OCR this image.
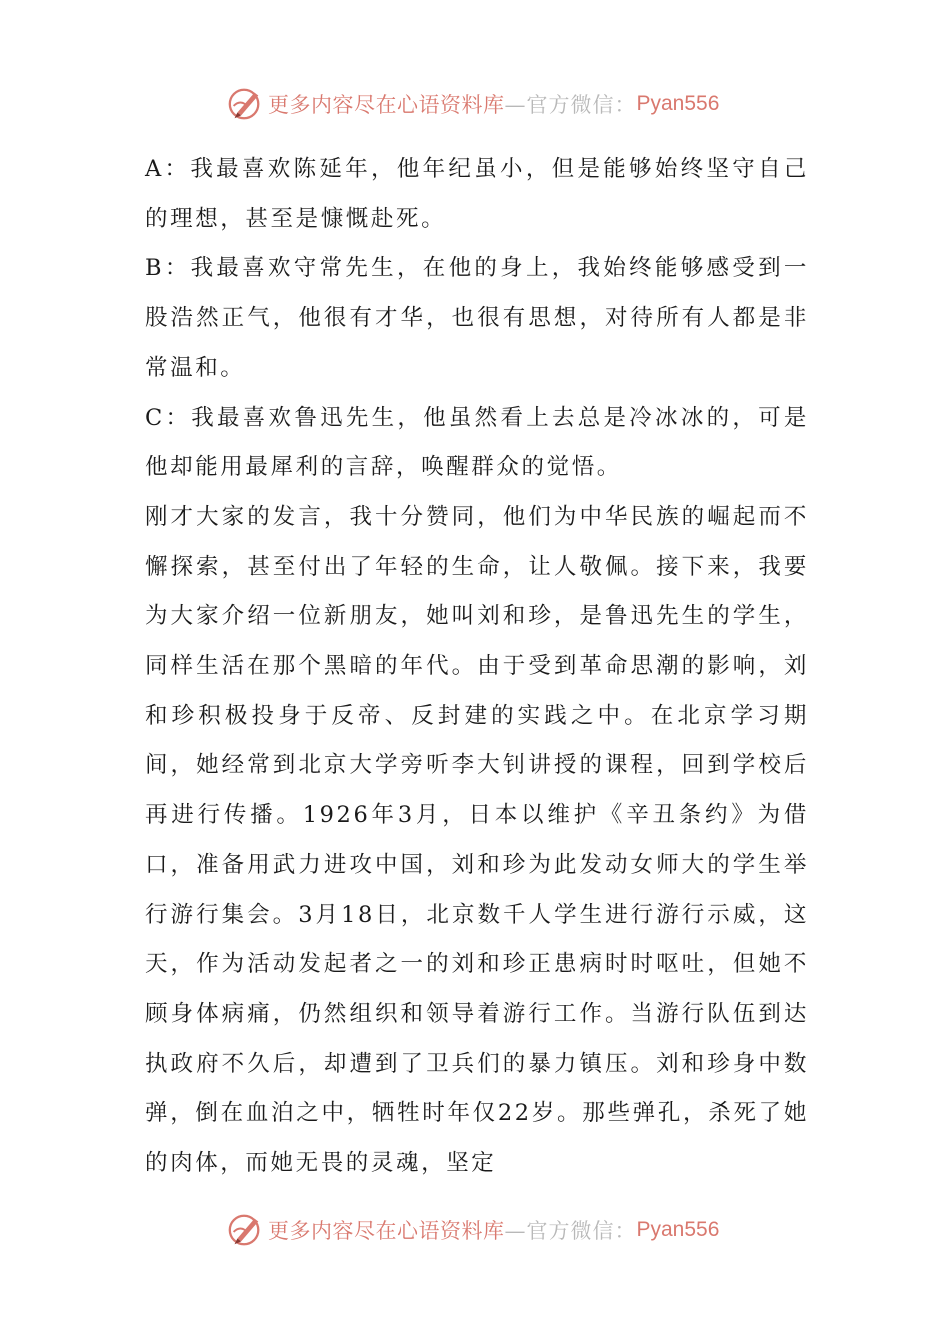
更多内容尽在心语资料库 —官方微信： Pyan556

A：我最喜欢陈延年，他年纪虽小，但是能够始终坚守自己的理想，甚至是慷慨赴死。

B：我最喜欢守常先生，在他的身上，我始终能够感受到一股浩然正气，他很有才华，也很有思想，对待所有人都是非常温和。

C：我最喜欢鲁迅先生，他虽然看上去总是冷冰冰的，可是他却能用最犀利的言辞，唤醒群众的觉悟。

刚才大家的发言，我十分赞同，他们为中华民族的崛起而不懈探索，甚至付出了年轻的生命，让人敬佩。接下来，我要为大家介绍一位新朋友，她叫刘和珍，是鲁迅先生的学生，同样生活在那个黑暗的年代。由于受到革命思潮的影响，刘和珍积极投身于反帝、反封建的实践之中。在北京学习期间，她经常到北京大学旁听李大钊讲授的课程，回到学校后再进行传播。1926年3月，日本以维护《辛丑条约》为借口，准备用武力进攻中国，刘和珍为此发动女师大的学生举行游行集会。3月18日，北京数千人学生进行游行示威，这天，作为活动发起者之一的刘和珍正患病时时呕吐，但她不顾身体病痛，仍然组织和领导着游行工作。当游行队伍到达执政府不久后，却遭到了卫兵们的暴力镇压。刘和珍身中数弹，倒在血泊之中，牺牲时年仅22岁。那些弹孔，杀死了她的肉体，而她无畏的灵魂，坚定

更多内容尽在心语资料库 —官方微信： Pyan556
